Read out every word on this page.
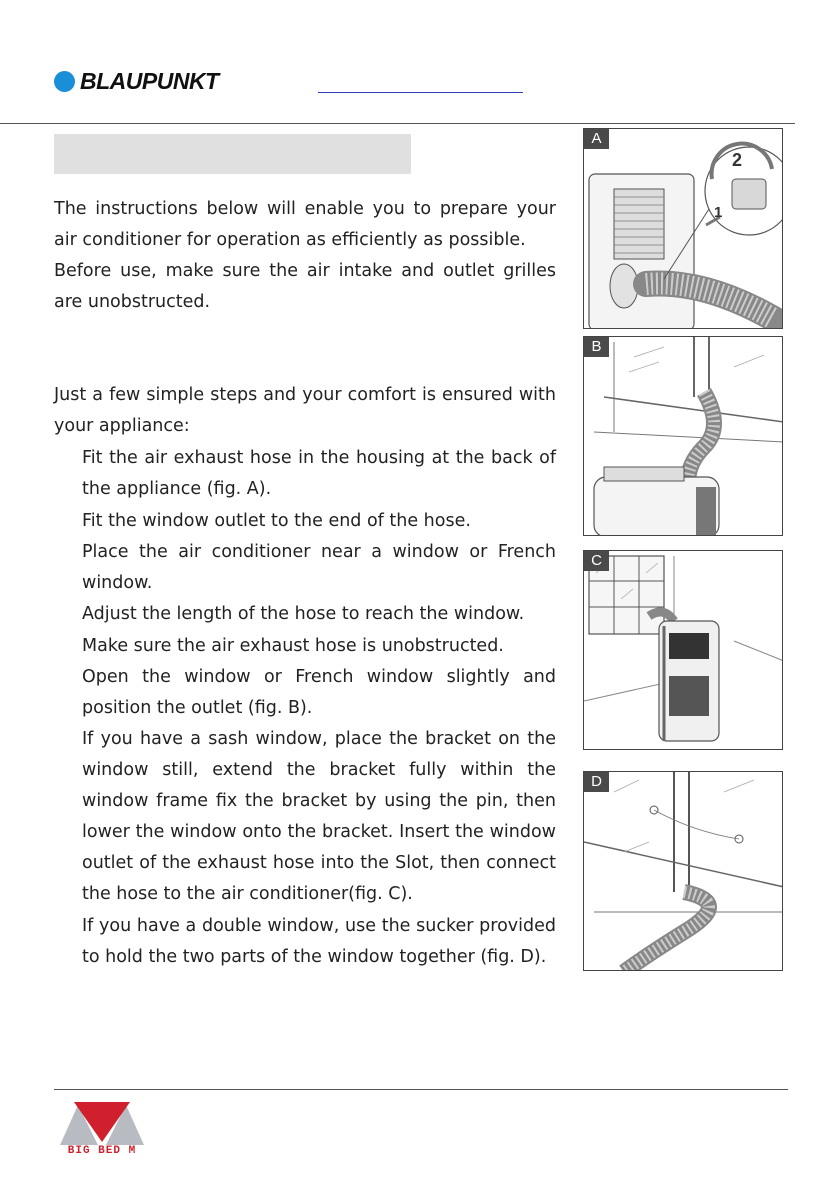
BLAUPUNKT

The instructions below will enable you to prepare your air conditioner for operation as efficiently as possible.

Before use, make sure the air intake and outlet grilles are unobstructed.

Just a few simple steps and your comfort is ensured with your appliance:

Fit the air exhaust hose in the housing at the back of the appliance (fig. A).

Fit the window outlet to the end of the hose.

Place the air conditioner near a window or French window.

Adjust the length of the hose to reach the window.

Make sure the air exhaust hose is unobstructed.

Open the window or French window slightly and position the outlet (fig. B).

If you have a sash window, place the bracket on the window still, extend the bracket fully within the window frame fix the bracket by using the pin, then lower the window onto the bracket. Insert the window outlet of the exhaust hose into the Slot, then connect the hose to the air conditioner(fig. C).

If you have a double window, use the sucker provided to hold the two parts of the window together (fig. D).

2
1
A
B
C
D
BIG BED M
